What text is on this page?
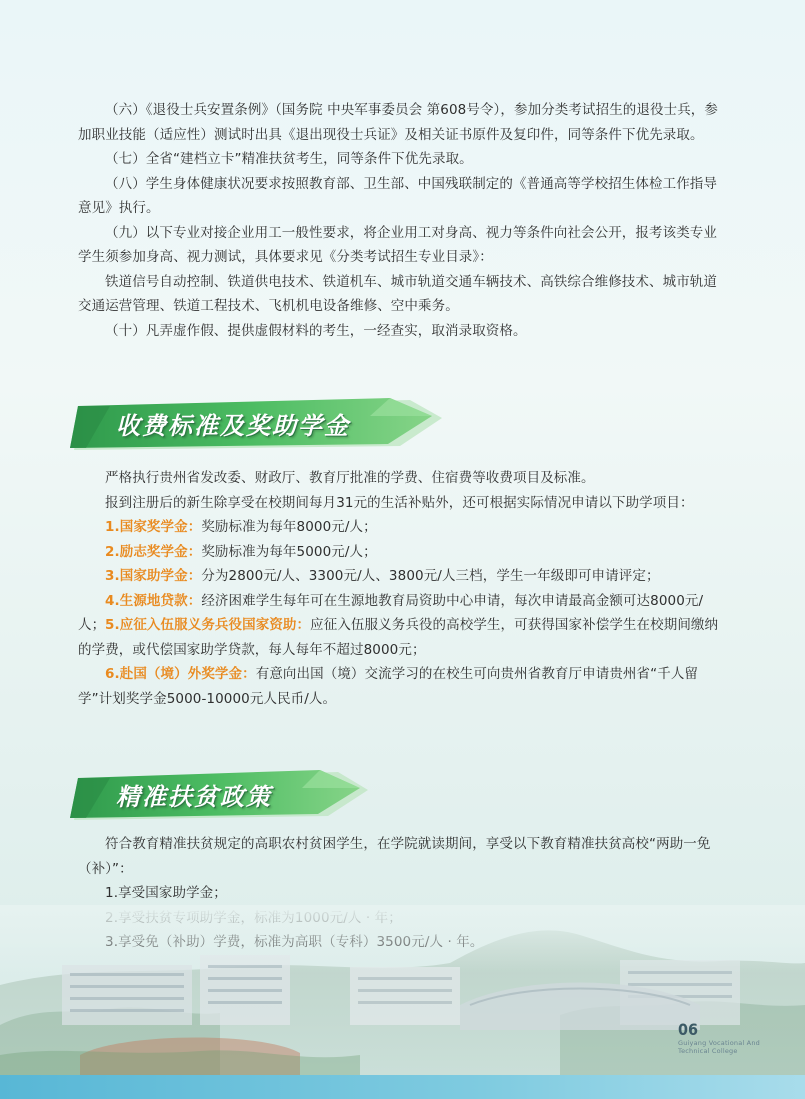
（六）《退役士兵安置条例》（国务院 中央军事委员会 第608号令），参加分类考试招生的退役士兵，参加职业技能（适应性）测试时出具《退出现役士兵证》及相关证书原件及复印件，同等条件下优先录取。

（七）全省“建档立卡”精准扶贫考生，同等条件下优先录取。

（八）学生身体健康状况要求按照教育部、卫生部、中国残联制定的《普通高等学校招生体检工作指导意见》执行。

（九）以下专业对接企业用工一般性要求，将企业用工对身高、视力等条件向社会公开，报考该类专业学生须参加身高、视力测试，具体要求见《分类考试招生专业目录》：

铁道信号自动控制、铁道供电技术、铁道机车、城市轨道交通车辆技术、高铁综合维修技术、城市轨道交通运营管理、铁道工程技术、飞机机电设备维修、空中乘务。

（十）凡弄虚作假、提供虚假材料的考生，一经查实，取消录取资格。

收费标准及奖助学金

严格执行贵州省发改委、财政厅、教育厅批准的学费、住宿费等收费项目及标准。

报到注册后的新生除享受在校期间每月31元的生活补贴外，还可根据实际情况申请以下助学项目：

1.国家奖学金：奖励标准为每年8000元/人；

2.励志奖学金：奖励标准为每年5000元/人；

3.国家助学金：分为2800元/人、3300元/人、3800元/人三档，学生一年级即可申请评定；

4.生源地贷款：经济困难学生每年可在生源地教育局资助中心申请，每次申请最高金额可达8000元/人； 5.应征入伍服义务兵役国家资助：应征入伍服义务兵役的高校学生，可获得国家补偿学生在校期间缴纳的学费，或代偿国家助学贷款，每人每年不超过8000元；

6.赴国（境）外奖学金：有意向出国（境）交流学习的在校生可向贵州省教育厅申请贵州省“千人留学”计划奖学金5000-10000元人民币/人。

精准扶贫政策

符合教育精准扶贫规定的高职农村贫困学生，在学院就读期间，享受以下教育精准扶贫高校“两助一免（补）”：

1.享受国家助学金；

06
Guiyang Vocational And
Technical College
